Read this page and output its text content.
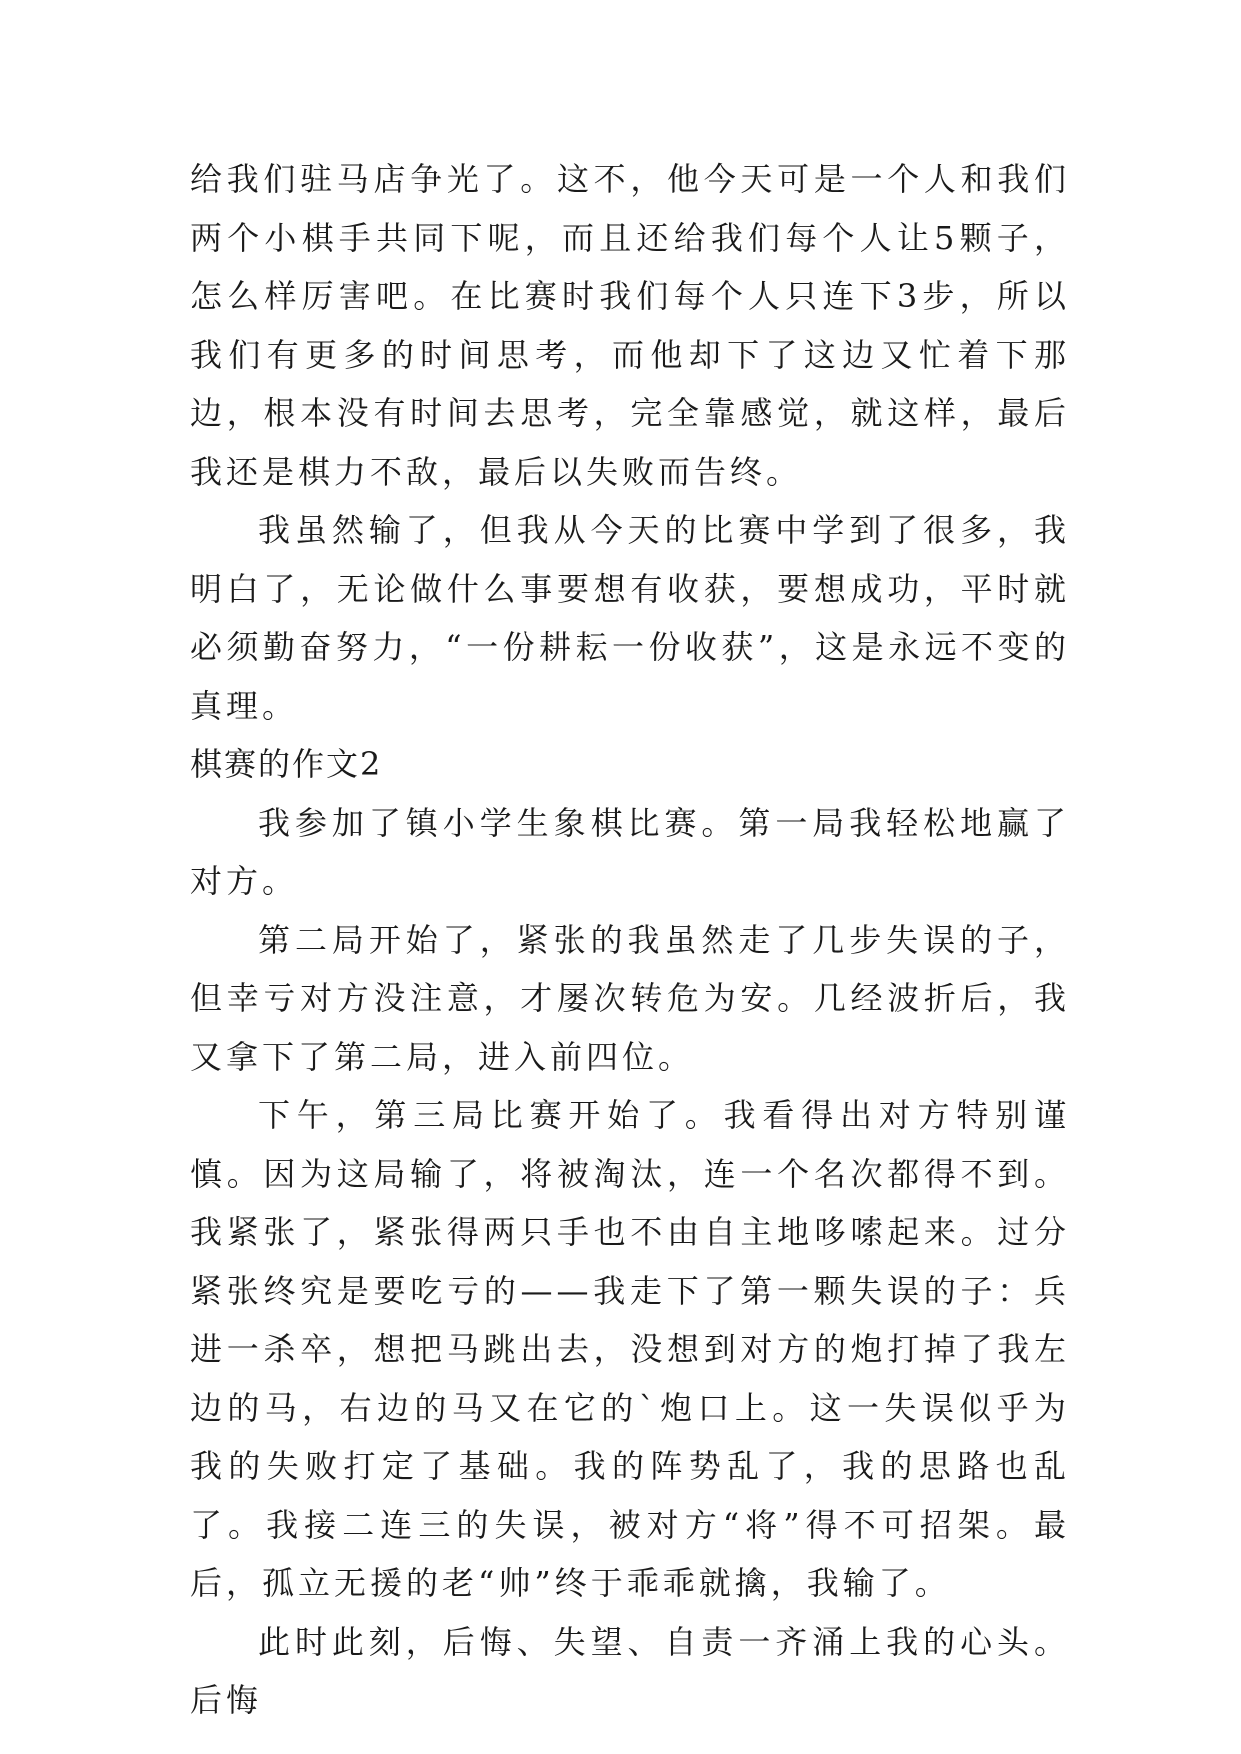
给我们驻马店争光了。这不，他今天可是一个人和我们两个小棋手共同下呢，而且还给我们每个人让5颗子，怎么样厉害吧。在比赛时我们每个人只连下3步，所以我们有更多的时间思考，而他却下了这边又忙着下那边，根本没有时间去思考，完全靠感觉，就这样，最后我还是棋力不敌，最后以失败而告终。

我虽然输了，但我从今天的比赛中学到了很多，我明白了，无论做什么事要想有收获，要想成功，平时就必须勤奋努力，“一份耕耘一份收获”，这是永远不变的真理。

棋赛的作文2

我参加了镇小学生象棋比赛。第一局我轻松地赢了对方。

第二局开始了，紧张的我虽然走了几步失误的子，但幸亏对方没注意，才屡次转危为安。几经波折后，我又拿下了第二局，进入前四位。

下午，第三局比赛开始了。我看得出对方特别谨慎。因为这局输了，将被淘汰，连一个名次都得不到。我紧张了，紧张得两只手也不由自主地哆嗦起来。过分紧张终究是要吃亏的——我走下了第一颗失误的子：兵进一杀卒，想把马跳出去，没想到对方的炮打掉了我左边的马，右边的马又在它的`炮口上。这一失误似乎为我的失败打定了基础。我的阵势乱了，我的思路也乱了。我接二连三的失误，被对方“将”得不可招架。最后，孤立无援的老“帅”终于乖乖就擒，我输了。

此时此刻，后悔、失望、自责一齐涌上我的心头。后悔
